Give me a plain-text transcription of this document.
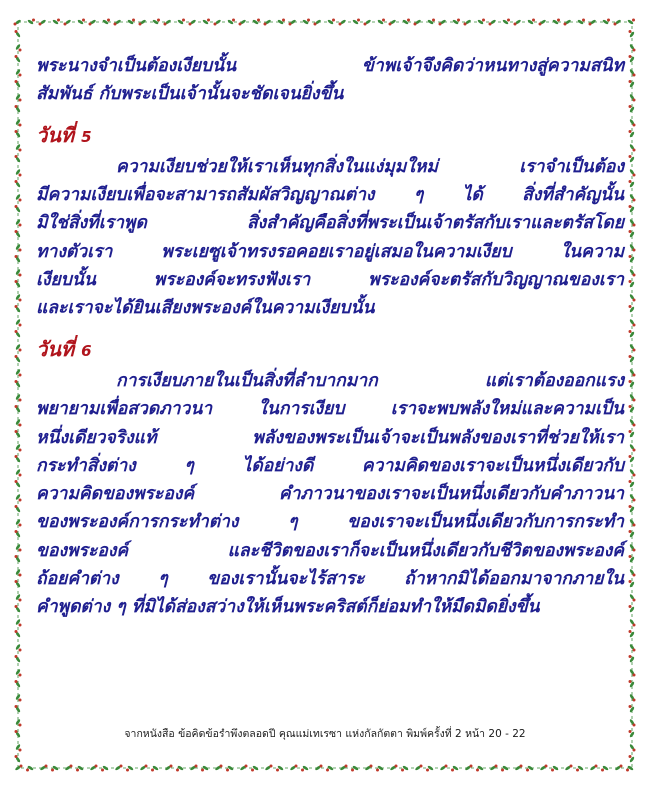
พระนางจำเป็นต้องเงียบนั้น ข้าพเจ้าจึงคิดว่าหนทางสู่ความสนิท
สัมพันธ์ กับพระเป็นเจ้านั้นจะชัดเจนยิ่งขึ้น
วันที่ 5
ความเงียบช่วยให้เราเห็นทุกสิ่งในแง่มุมใหม่ เราจำเป็นต้อง
มีความเงียบเพื่อจะสามารถสัมผัสวิญญาณต่าง ๆ ได้ สิ่งที่สำคัญนั้น
มิใช่สิ่งที่เราพูด สิ่งสำคัญคือสิ่งที่พระเป็นเจ้าตรัสกับเราและตรัสโดย
ทางตัวเรา พระเยซูเจ้าทรงรอคอยเราอยู่เสมอในความเงียบ ในความ
เงียบนั้น พระองค์จะทรงฟังเรา พระองค์จะตรัสกับวิญญาณของเรา
และเราจะได้ยินเสียงพระองค์ในความเงียบนั้น
วันที่ 6
การเงียบภายในเป็นสิ่งที่ลำบากมาก แต่เราต้องออกแรง
พยายามเพื่อสวดภาวนา ในการเงียบ เราจะพบพลังใหม่และความเป็น
หนึ่งเดียวจริงแท้ พลังของพระเป็นเจ้าจะเป็นพลังของเราที่ช่วยให้เรา
กระทำสิ่งต่าง ๆ ได้อย่างดี ความคิดของเราจะเป็นหนึ่งเดียวกับ
ความคิดของพระองค์ คำภาวนาของเราจะเป็นหนึ่งเดียวกับคำภาวนา
ของพระองค์การกระทำต่าง ๆ ของเราจะเป็นหนึ่งเดียวกับการกระทำ
ของพระองค์ และชีวิตของเราก็จะเป็นหนึ่งเดียวกับชีวิตของพระองค์
ถ้อยคำต่าง ๆ ของเรานั้นจะไร้สาระ ถ้าหากมิได้ออกมาจากภายใน
คำพูดต่าง ๆ ที่มิได้ส่องสว่างให้เห็นพระคริสต์ก็ย่อมทำให้มืดมิดยิ่งขึ้น
จากหนังสือ ข้อคิดข้อรำพึงตลอดปี คุณแม่เทเรซา แห่งกัลกัตตา พิมพ์ครั้งที่ 2 หน้า 20 - 22
